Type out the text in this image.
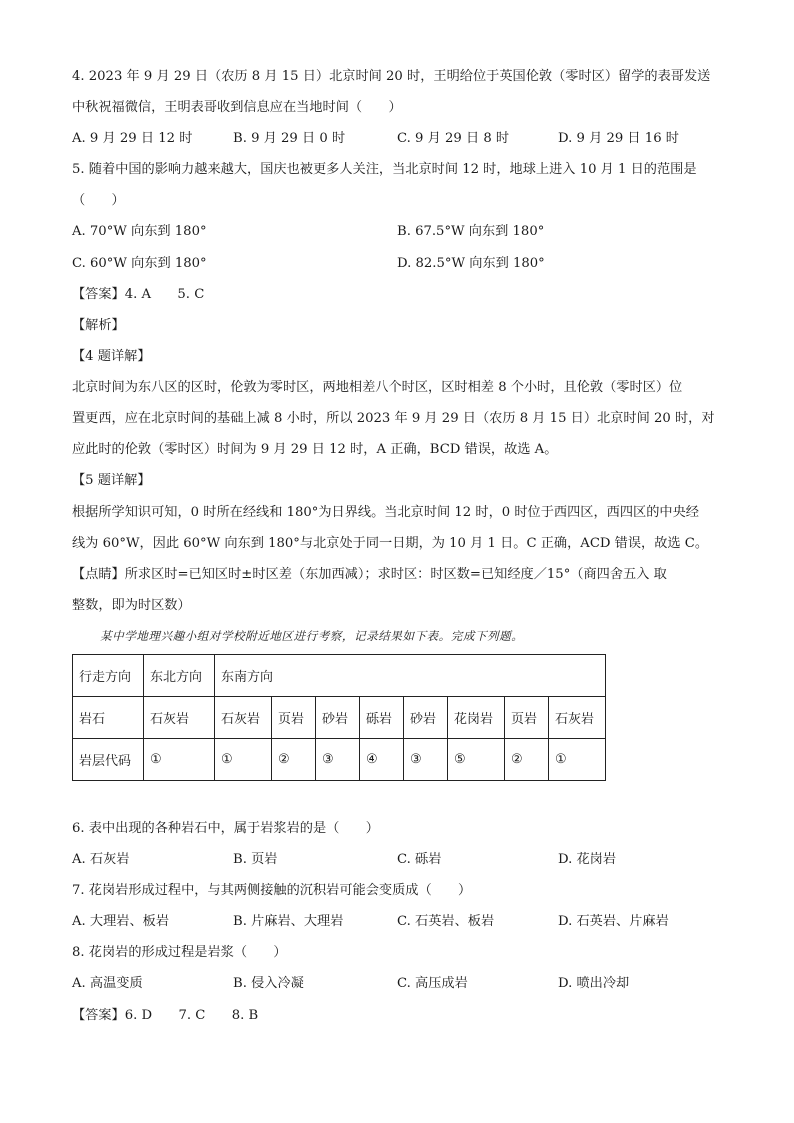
4. 2023 年 9 月 29 日（农历 8 月 15 日）北京时间 20 时，王明给位于英国伦敦（零时区）留学的表哥发送
中秋祝福微信，王明表哥收到信息应在当地时间（　　）
A. 9 月 29 日 12 时	B. 9 月 29 日 0 时	C. 9 月 29 日 8 时	D. 9 月 29 日 16 时
5. 随着中国的影响力越来越大，国庆也被更多人关注，当北京时间 12 时，地球上进入 10 月 1 日的范围是
（　　）
A. 70°W 向东到 180°	B. 67.5°W 向东到 180°
C. 60°W 向东到 180°	D. 82.5°W 向东到 180°
【答案】4. A　　5. C
【解析】
【4 题详解】
北京时间为东八区的区时，伦敦为零时区，两地相差八个时区，区时相差 8 个小时，且伦敦（零时区）位
置更西，应在北京时间的基础上减 8 小时，所以 2023 年 9 月 29 日（农历 8 月 15 日）北京时间 20 时，对
应此时的伦敦（零时区）时间为 9 月 29 日 12 时，A 正确，BCD 错误，故选 A。
【5 题详解】
根据所学知识可知，0 时所在经线和 180°为日界线。当北京时间 12 时，0 时位于西四区，西四区的中央经
线为 60°W，因此 60°W 向东到 180°与北京处于同一日期，为 10 月 1 日。C 正确，ACD 错误，故选 C。
【点睛】所求区时=已知区时±时区差（东加西减）；求时区：时区数=已知经度／15°（商四舍五入 取
整数，即为时区数）
某中学地理兴趣小组对学校附近地区进行考察，记录结果如下表。完成下列题。
行走方向	东北方向	东南方向							
岩石	石灰岩	石灰岩	页岩	砂岩	砾岩	砂岩	花岗岩	页岩	石灰岩
岩层代码	①	①	②	③	④	③	⑤	②	①
6. 表中出现的各种岩石中，属于岩浆岩的是（　　）
A. 石灰岩	B. 页岩	C. 砾岩	D. 花岗岩
7. 花岗岩形成过程中，与其两侧接触的沉积岩可能会变质成（　　）
A. 大理岩、板岩	B. 片麻岩、大理岩	C. 石英岩、板岩	D. 石英岩、片麻岩
8. 花岗岩的形成过程是岩浆（　　）
A. 高温变质	B. 侵入冷凝	C. 高压成岩	D. 喷出冷却
【答案】6. D　　7. C　　8. B
